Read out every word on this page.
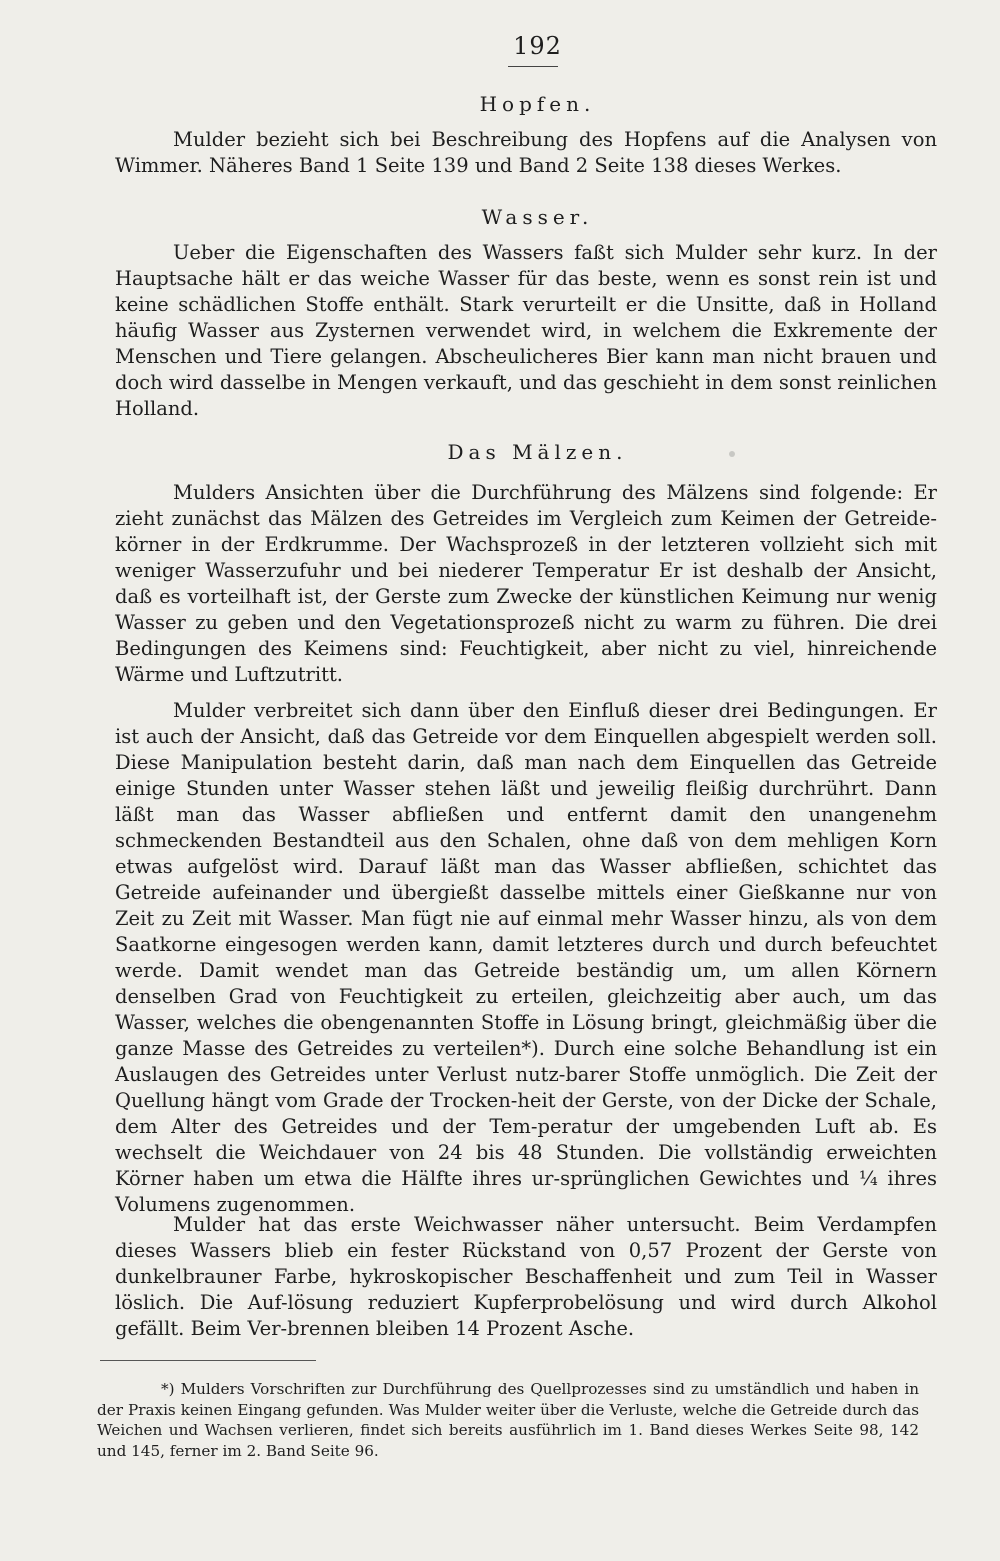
192
Hopfen.

Mulder bezieht sich bei Beschreibung des Hopfens auf die Analysen von Wimmer. Näheres Band 1 Seite 139 und Band 2 Seite 138 dieses Werkes.

Wasser.

Ueber die Eigenschaften des Wassers faßt sich Mulder sehr kurz. In der Hauptsache hält er das weiche Wasser für das beste, wenn es sonst rein ist und keine schädlichen Stoffe enthält. Stark verurteilt er die Unsitte, daß in Holland häufig Wasser aus Zysternen verwendet wird, in welchem die Exkremente der Menschen und Tiere gelangen. Abscheulicheres Bier kann man nicht brauen und doch wird dasselbe in Mengen verkauft, und das geschieht in dem sonst reinlichen Holland.

Das Mälzen.

Mulders Ansichten über die Durchführung des Mälzens sind folgende: Er zieht zunächst das Mälzen des Getreides im Vergleich zum Keimen der Getreide-körner in der Erdkrumme. Der Wachsprozeß in der letzteren vollzieht sich mit weniger Wasserzufuhr und bei niederer Temperatur Er ist deshalb der Ansicht, daß es vorteilhaft ist, der Gerste zum Zwecke der künstlichen Keimung nur wenig Wasser zu geben und den Vegetationsprozeß nicht zu warm zu führen. Die drei Bedingungen des Keimens sind: Feuchtigkeit, aber nicht zu viel, hinreichende Wärme und Luftzutritt.

Mulder verbreitet sich dann über den Einfluß dieser drei Bedingungen. Er ist auch der Ansicht, daß das Getreide vor dem Einquellen abgespielt werden soll. Diese Manipulation besteht darin, daß man nach dem Einquellen das Getreide einige Stunden unter Wasser stehen läßt und jeweilig fleißig durchrührt. Dann läßt man das Wasser abfließen und entfernt damit den unangenehm schmeckenden Bestandteil aus den Schalen, ohne daß von dem mehligen Korn etwas aufgelöst wird. Darauf läßt man das Wasser abfließen, schichtet das Getreide aufeinander und übergießt dasselbe mittels einer Gießkanne nur von Zeit zu Zeit mit Wasser. Man fügt nie auf einmal mehr Wasser hinzu, als von dem Saatkorne eingesogen werden kann, damit letzteres durch und durch befeuchtet werde. Damit wendet man das Getreide beständig um, um allen Körnern denselben Grad von Feuchtigkeit zu erteilen, gleichzeitig aber auch, um das Wasser, welches die obengenannten Stoffe in Lösung bringt, gleichmäßig über die ganze Masse des Getreides zu verteilen*). Durch eine solche Behandlung ist ein Auslaugen des Getreides unter Verlust nutz-barer Stoffe unmöglich. Die Zeit der Quellung hängt vom Grade der Trocken-heit der Gerste, von der Dicke der Schale, dem Alter des Getreides und der Tem-peratur der umgebenden Luft ab. Es wechselt die Weichdauer von 24 bis 48 Stunden. Die vollständig erweichten Körner haben um etwa die Hälfte ihres ur-sprünglichen Gewichtes und ¼ ihres Volumens zugenommen.

Mulder hat das erste Weichwasser näher untersucht. Beim Verdampfen dieses Wassers blieb ein fester Rückstand von 0,57 Prozent der Gerste von dunkelbrauner Farbe, hykroskopischer Beschaffenheit und zum Teil in Wasser löslich. Die Auf-lösung reduziert Kupferprobelösung und wird durch Alkohol gefällt. Beim Ver-brennen bleiben 14 Prozent Asche.

*) Mulders Vorschriften zur Durchführung des Quellprozesses sind zu umständlich und haben in der Praxis keinen Eingang gefunden. Was Mulder weiter über die Verluste, welche die Getreide durch das Weichen und Wachsen verlieren, findet sich bereits ausführlich im 1. Band dieses Werkes Seite 98, 142 und 145, ferner im 2. Band Seite 96.
